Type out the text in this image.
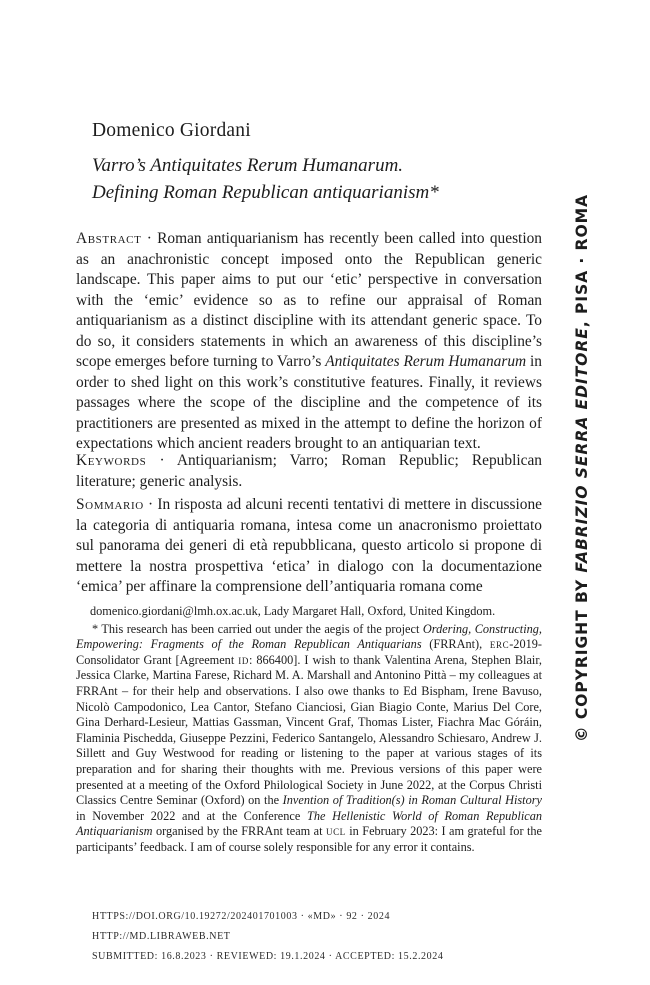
Domenico Giordani
Varro’s Antiquitates Rerum Humanarum.
Defining Roman Republican antiquarianism*
Abstract · Roman antiquarianism has recently been called into question as an anachronistic concept imposed onto the Republican generic landscape. This paper aims to put our ‘etic’ perspective in conversation with the ‘emic’ evidence so as to refine our appraisal of Roman antiquarianism as a distinct discipline with its attendant generic space. To do so, it considers statements in which an awareness of this discipline’s scope emerges before turning to Varro’s Antiquitates Rerum Humanarum in order to shed light on this work’s constitutive features. Finally, it reviews passages where the scope of the discipline and the competence of its practitioners are presented as mixed in the attempt to define the horizon of expectations which ancient readers brought to an antiquarian text.
Keywords · Antiquarianism; Varro; Roman Republic; Republican literature; generic analysis.
Sommario · In risposta ad alcuni recenti tentativi di mettere in discussione la categoria di antiquaria romana, intesa come un anacronismo proiettato sul panorama dei generi di età repubblicana, questo articolo si propone di mettere la nostra prospettiva ‘etica’ in dialogo con la documentazione ‘emica’ per affinare la comprensione dell’antiquaria romana come

domenico.giordani@lmh.ox.ac.uk, Lady Margaret Hall, Oxford, United Kingdom.

* This research has been carried out under the aegis of the project Ordering, Constructing, Empowering: Fragments of the Roman Republican Antiquarians (FRRAnt), erc-2019-Consolidator Grant [Agreement id: 866400]. I wish to thank Valentina Arena, Stephen Blair, Jessica Clarke, Martina Farese, Richard M. A. Marshall and Antonino Pittà – my colleagues at FRRAnt – for their help and observations. I also owe thanks to Ed Bispham, Irene Bavuso, Nicolò Campodonico, Lea Cantor, Stefano Cianciosi, Gian Biagio Conte, Marius Del Core, Gina Derhard-Lesieur, Mattias Gassman, Vincent Graf, Thomas Lister, Fiachra Mac Góráin, Flaminia Pischedda, Giuseppe Pezzini, Federico Santangelo, Alessandro Schiesaro, Andrew J. Sillett and Guy Westwood for reading or listening to the paper at various stages of its preparation and for sharing their thoughts with me. Previous versions of this paper were presented at a meeting of the Oxford Philological Society in June 2022, at the Corpus Christi Classics Centre Seminar (Oxford) on the Invention of Tradition(s) in Roman Cultural History in November 2022 and at the Conference The Hellenistic World of Roman Republican Antiquarianism organised by the FRRAnt team at ucl in February 2023: I am grateful for the participants’ feedback. I am of course solely responsible for any error it contains.

HTTPS://DOI.ORG/10.19272/202401701003 · «MD» · 92 · 2024
HTTP://MD.LIBRAWEB.NET
SUBMITTED: 16.8.2023 · REVIEWED: 19.1.2024 · ACCEPTED: 15.2.2024
© COPYRIGHT BY FABRIZIO SERRA EDITORE, PISA · ROMA
